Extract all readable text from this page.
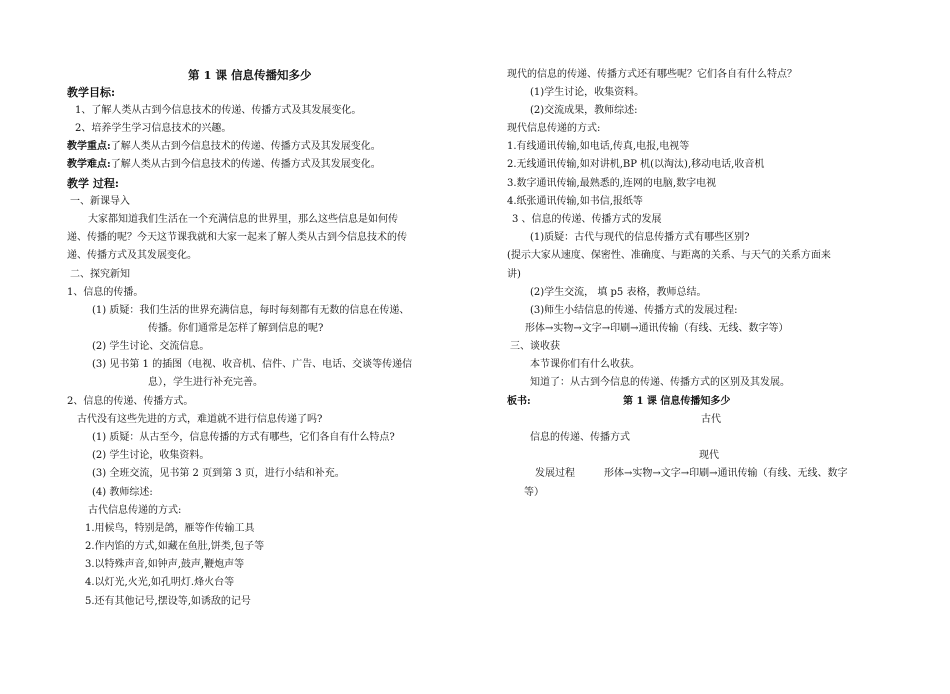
第 1 课 信息传播知多少
教学目标:
1、了解人类从古到今信息技术的传递、传播方式及其发展变化。
2、培养学生学习信息技术的兴趣。
教学重点:了解人类从古到今信息技术的传递、传播方式及其发展变化。
教学难点:了解人类从古到今信息技术的传递、传播方式及其发展变化。
教学 过程:
一、新课导入
大家都知道我们生活在一个充满信息的世界里，那么这些信息是如何传
递、传播的呢？今天这节课我就和大家一起来了解人类从古到今信息技术的传
递、传播方式及其发展变化。
二、探究新知
1、信息的传播。
(1) 质疑：我们生活的世界充满信息，每时每刻都有无数的信息在传递、
传播。你们通常是怎样了解到信息的呢?
(2) 学生讨论、交流信息。
(3) 见书第 1 的插图（电视、收音机、信件、广告、电话、交谈等传递信
息），学生进行补充完善。
2、信息的传递、传播方式。
古代没有这些先进的方式，难道就不进行信息传递了吗?
(1) 质疑：从古至今，信息传播的方式有哪些，它们各自有什么特点?
(2) 学生讨论，收集资料。
(3) 全班交流，见书第 2 页到第 3 页，进行小结和补充。
(4) 教师综述:
古代信息传递的方式:
1.用候鸟，特别是鸽，雁等作传输工具
2.作内馅的方式,如藏在鱼肚,饼类,包子等
3.以特殊声音,如钟声,鼓声,鞭炮声等
4.以灯光,火光,如孔明灯.烽火台等
5.还有其他记号,摆设等,如诱敌的记号
现代的信息的传递、传播方式还有哪些呢？它们各自有什么特点？
(1)学生讨论，收集资料。
(2)交流成果，教师综述:
现代信息传递的方式:
1.有线通讯传输,如电话,传真,电报,电视等
2.无线通讯传输,如对讲机,BP 机(以淘汰),移动电话,收音机
3.数字通讯传输,最熟悉的,连网的电脑,数字电视
4.纸张通讯传输,如书信,报纸等
3 、信息的传递、传播方式的发展
(1)质疑：古代与现代的信息传播方式有哪些区别?
(提示大家从速度、保密性、准确度、与距离的关系、与天气的关系方面来
讲)
(2)学生交流， 填 p5 表格，教师总结。
(3)师生小结信息的传递、传播方式的发展过程:
形体→实物→文字→印刷→通讯传输（有线、无线、数字等）
三、谈收获
本节课你们有什么收获。
知道了：从古到今信息的传递、传播方式的区别及其发展。
板书:	第 1 课 信息传播知多少
古代
信息的传递、传播方式
现代
发展过程	形体→实物→文字→印刷→通讯传输（有线、无线、数字
等）
